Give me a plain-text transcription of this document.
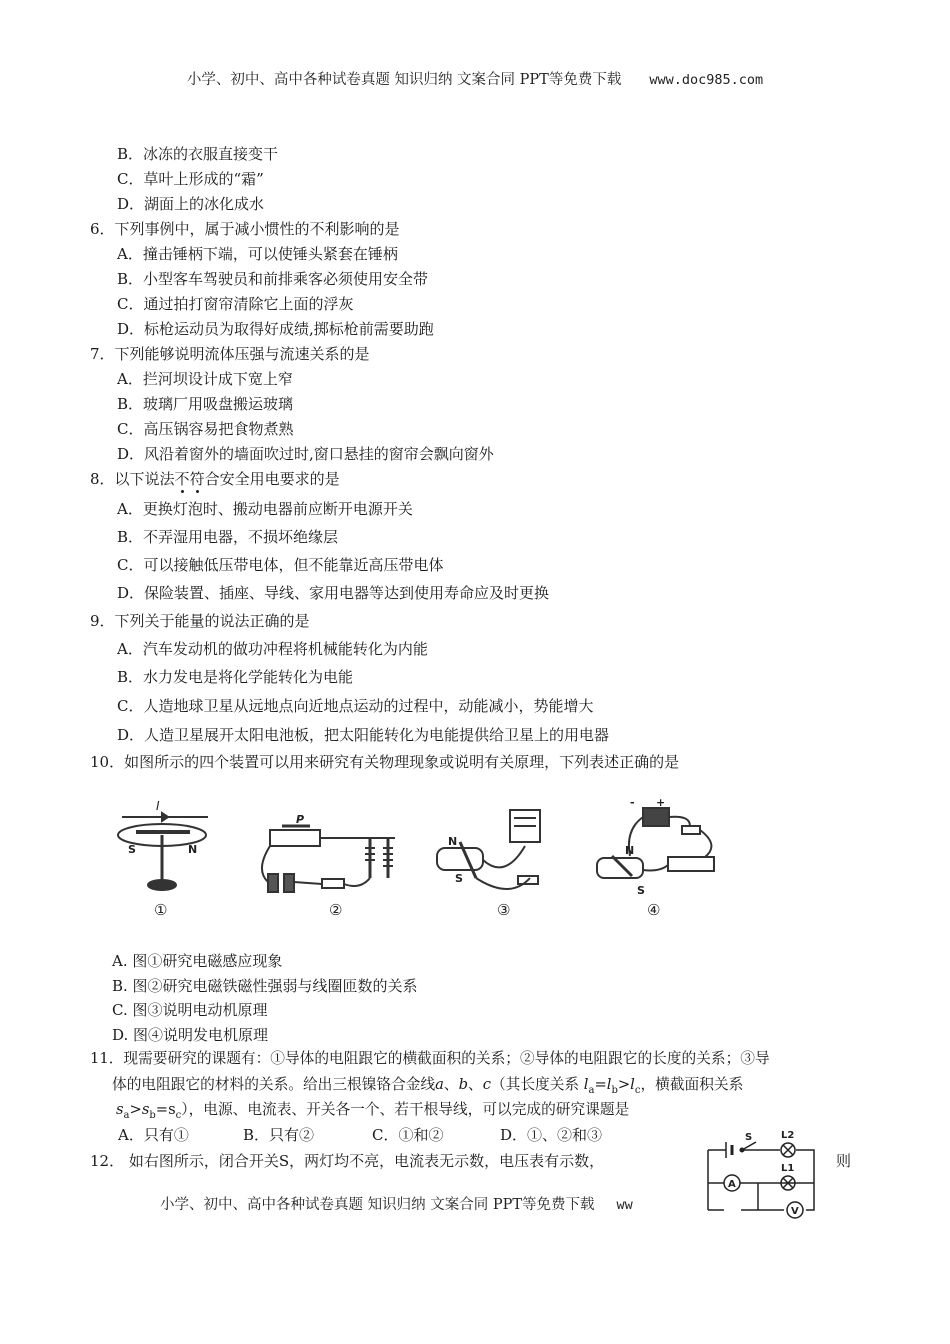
小学、初中、高中各种试卷真题 知识归纳 文案合同 PPT等免费下载 www.doc985.com
B．冰冻的衣服直接变干
C．草叶上形成的“霜”
D．湖面上的冰化成水
6．下列事例中，属于减小惯性的不利影响的是
A．撞击锤柄下端，可以使锤头紧套在锤柄
B．小型客车驾驶员和前排乘客必须使用安全带
C．通过拍打窗帘清除它上面的浮灰
D．标枪运动员为取得好成绩,掷标枪前需要助跑
7．下列能够说明流体压强与流速关系的是
A．拦河坝设计成下宽上窄
B．玻璃厂用吸盘搬运玻璃
C．高压锅容易把食物煮熟
D．风沿着窗外的墙面吹过时,窗口悬挂的窗帘会飘向窗外
8．以下说法不符合安全用电要求的是
A．更换灯泡时、搬动电器前应断开电源开关
B．不弄湿用电器，不损坏绝缘层
C．可以接触低压带电体，但不能靠近高压带电体
D．保险装置、插座、导线、家用电器等达到使用寿命应及时更换
9．下列关于能量的说法正确的是
A．汽车发动机的做功冲程将机械能转化为内能
B．水力发电是将化学能转化为电能
C．人造地球卫星从远地点向近地点运动的过程中，动能减小，势能增大
D．人造卫星展开太阳电池板，把太阳能转化为电能提供给卫星上的用电器
10．如图所示的四个装置可以用来研究有关物理现象或说明有关原理，下列表述正确的是
I
S	N
P
N
S
- +
N
S
①	②	③	④
A. 图①研究电磁感应现象
B. 图②研究电磁铁磁性强弱与线圈匝数的关系
C. 图③说明电动机原理
D. 图④说明发电机原理
11．现需要研究的课题有：①导体的电阻跟它的横截面积的关系；②导体的电阻跟它的长度的关系；③导
体的电阻跟它的材料的关系。给出三根镍铬合金线a、b、c（其长度关系 $l_a=l_b>l_c$，横截面积关系
$s_a>s_b=s_c$），电源、电流表、开关各一个、若干根导线，可以完成的研究课题是
A．只有①	B．只有②	C．①和②	D．①、②和③
12． 如右图所示，闭合开关S，两灯均不亮，电流表无示数，电压表有示数，	则
S	L2
L1
A
V
小学、初中、高中各种试卷真题 知识归纳 文案合同 PPT等免费下载 ww
